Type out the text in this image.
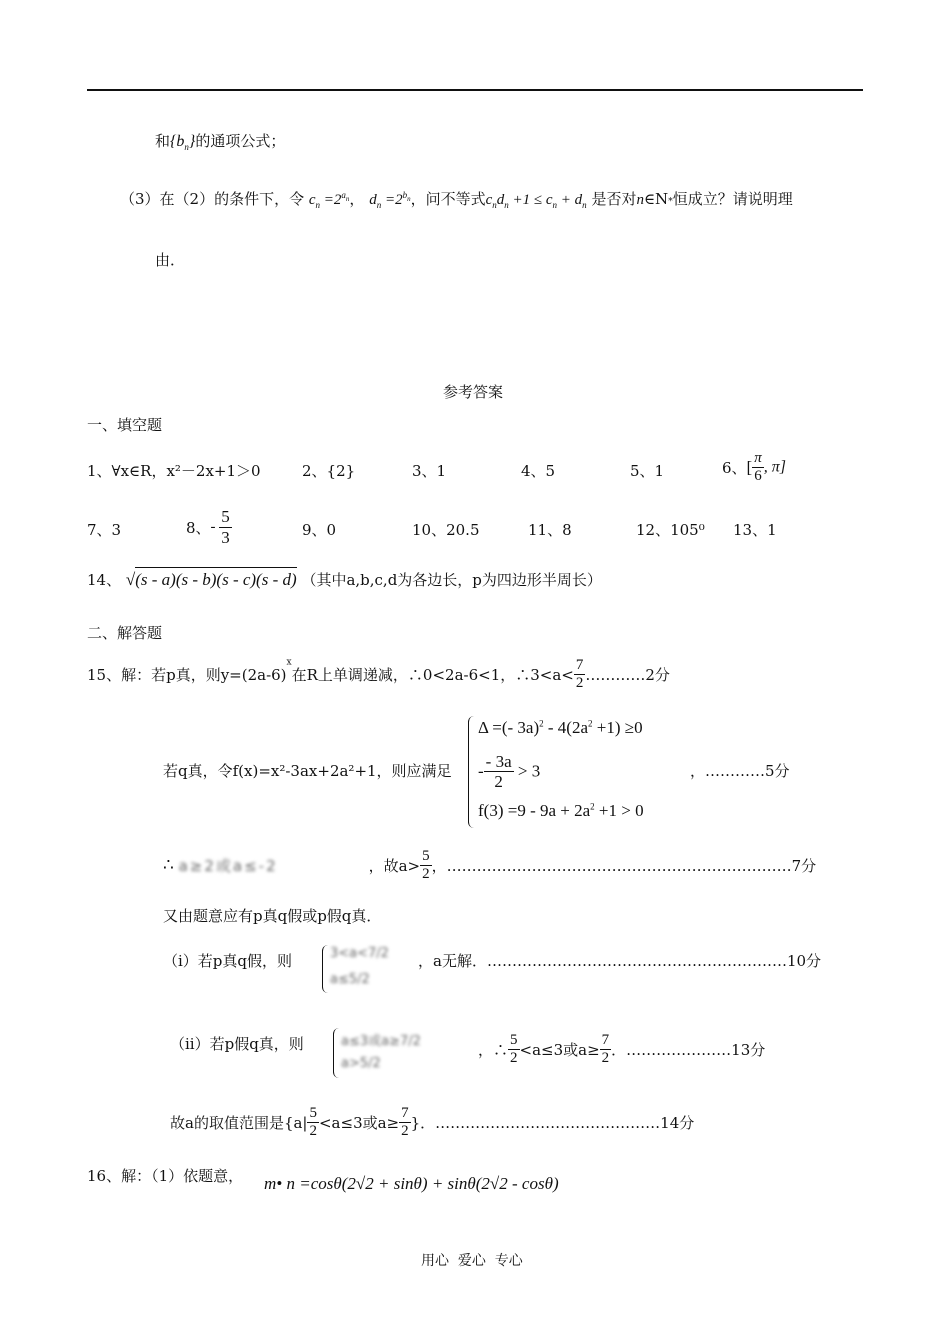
和$\{b_n\}$的通项公式；
（3）在（2）的条件下，令 $c_n =2^{a_n}$， $d_n =2^{b_n}$，问不等式$c_nd_n +1 \le c_n + d_n$ 是否对n∈N*恒成立？请说明理
由．
参考答案
一、填空题
1、∀x∈R，x²－2x+1＞0	2、{2}	3、1	4、5	5、1	6、[ $\frac{\pi}{6}$ , π]
7、3	8、- $\frac{5}{3}$	9、0	10、20.5	11、8	12、105⁰ 13、1
14、 √(s - a)(s - b)(s - c)(s - d) （其中a,b,c,d为各边长，p为四边形半周长）
二、解答题
15、解：若p真，则$y=(2a-6)^x$在R上单调递减，∴0<2a-6<1，∴3<a< $\frac{7}{2}$ …………2分
若q真，令f(x)=x²-3ax+2a²+1，则应满足
Δ =(- $3a)^2 - 4(2a^2 +1) \ge 0$
- $\frac{- 3a}{2} > 3$
$f(3) =9 - 9a + 2a^2 +1 > 0$
，…………5分
∴ a≥2或a≤-2	，故$a> \frac{5}{2}$ ，……………………………………………………………7分
又由题意应有p真q假或p假q真．
（i）若p真q假，则	3<a<7/2
a≤5/2
，a无解．……………………………………………………10分
（ii）若p假q真，则	a≤3或a≥7/2
a>5/2
，∴ $\frac{5}{2} <a\le 3$或$a\ge \frac{7}{2}$ ．…………………13分
故a的取值范围是{$a| \frac{5}{2} <a\le 3$或$a\ge \frac{7}{2}$ }．………………………………………14分
16、解：（1）依题意， m• n =cosθ(2√2 + sinθ) + sinθ(2√2 - cosθ)
用心  爱心  专心
